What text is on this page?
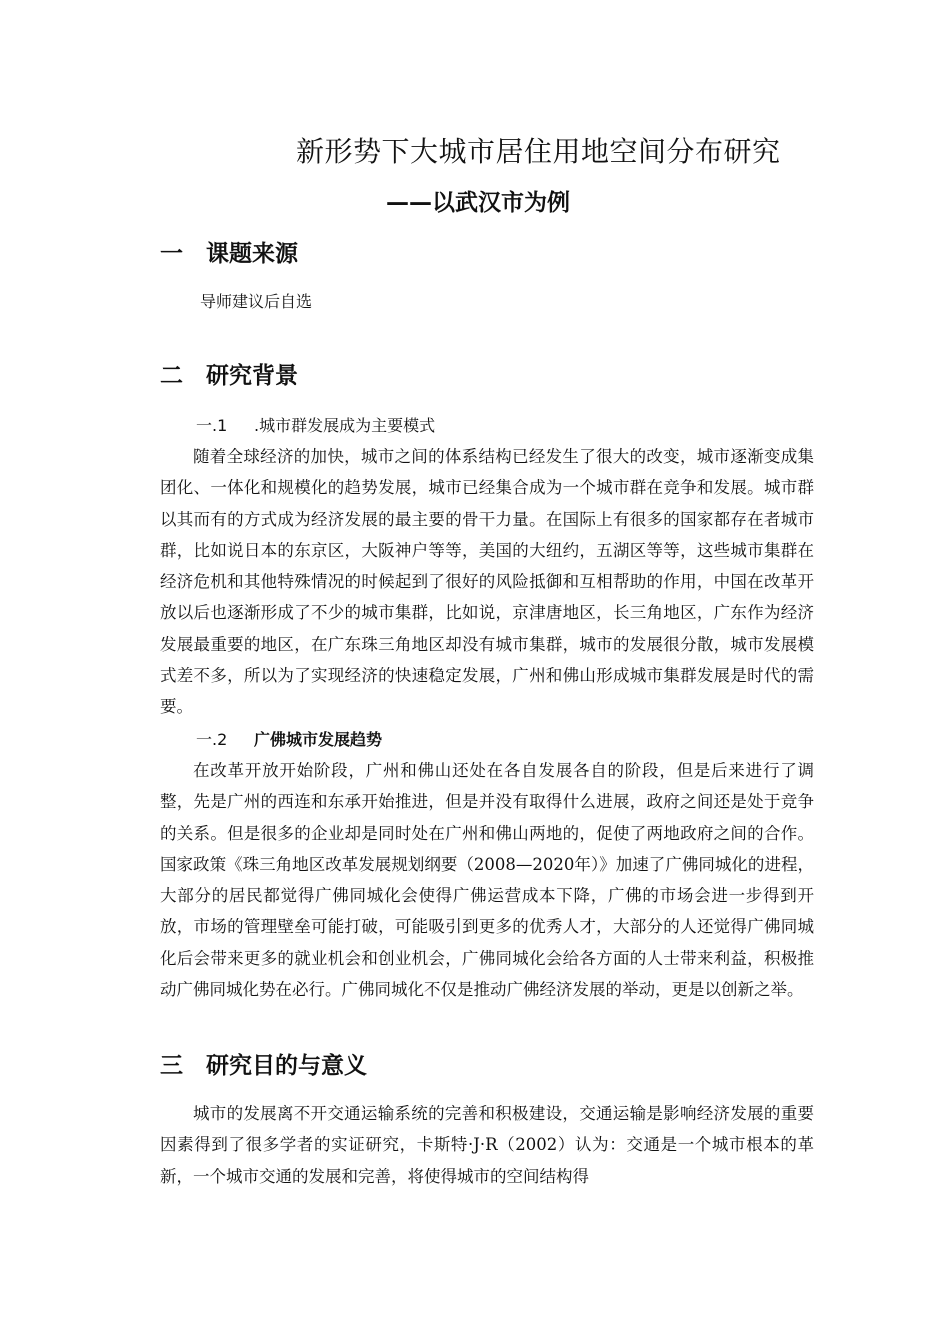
新形势下大城市居住用地空间分布研究
——以武汉市为例
一 课题来源
导师建议后自选
二 研究背景
一.1 .城市群发展成为主要模式

随着全球经济的加快，城市之间的体系结构已经发生了很大的改变，城市逐渐变成集团化、一体化和规模化的趋势发展，城市已经集合成为一个城市群在竞争和发展。城市群以其而有的方式成为经济发展的最主要的骨干力量。在国际上有很多的国家都存在者城市群，比如说日本的东京区，大阪神户等等，美国的大纽约，五湖区等等，这些城市集群在经济危机和其他特殊情况的时候起到了很好的风险抵御和互相帮助的作用，中国在改革开放以后也逐渐形成了不少的城市集群，比如说，京津唐地区，长三角地区，广东作为经济发展最重要的地区，在广东珠三角地区却没有城市集群，城市的发展很分散，城市发展模式差不多，所以为了实现经济的快速稳定发展，广州和佛山形成城市集群发展是时代的需要。

一.2 广佛城市发展趋势

在改革开放开始阶段，广州和佛山还处在各自发展各自的阶段，但是后来进行了调整，先是广州的西连和东承开始推进，但是并没有取得什么进展，政府之间还是处于竞争的关系。但是很多的企业却是同时处在广州和佛山两地的，促使了两地政府之间的合作。国家政策《珠三角地区改革发展规划纲要（2008—2020年）》加速了广佛同城化的进程，大部分的居民都觉得广佛同城化会使得广佛运营成本下降，广佛的市场会进一步得到开放，市场的管理壁垒可能打破，可能吸引到更多的优秀人才，大部分的人还觉得广佛同城化后会带来更多的就业机会和创业机会，广佛同城化会给各方面的人士带来利益，积极推动广佛同城化势在必行。广佛同城化不仅是推动广佛经济发展的举动，更是以创新之举。

三 研究目的与意义

城市的发展离不开交通运输系统的完善和积极建设，交通运输是影响经济发展的重要因素得到了很多学者的实证研究，卡斯特·J·R（2002）认为：交通是一个城市根本的革新，一个城市交通的发展和完善，将使得城市的空间结构得
